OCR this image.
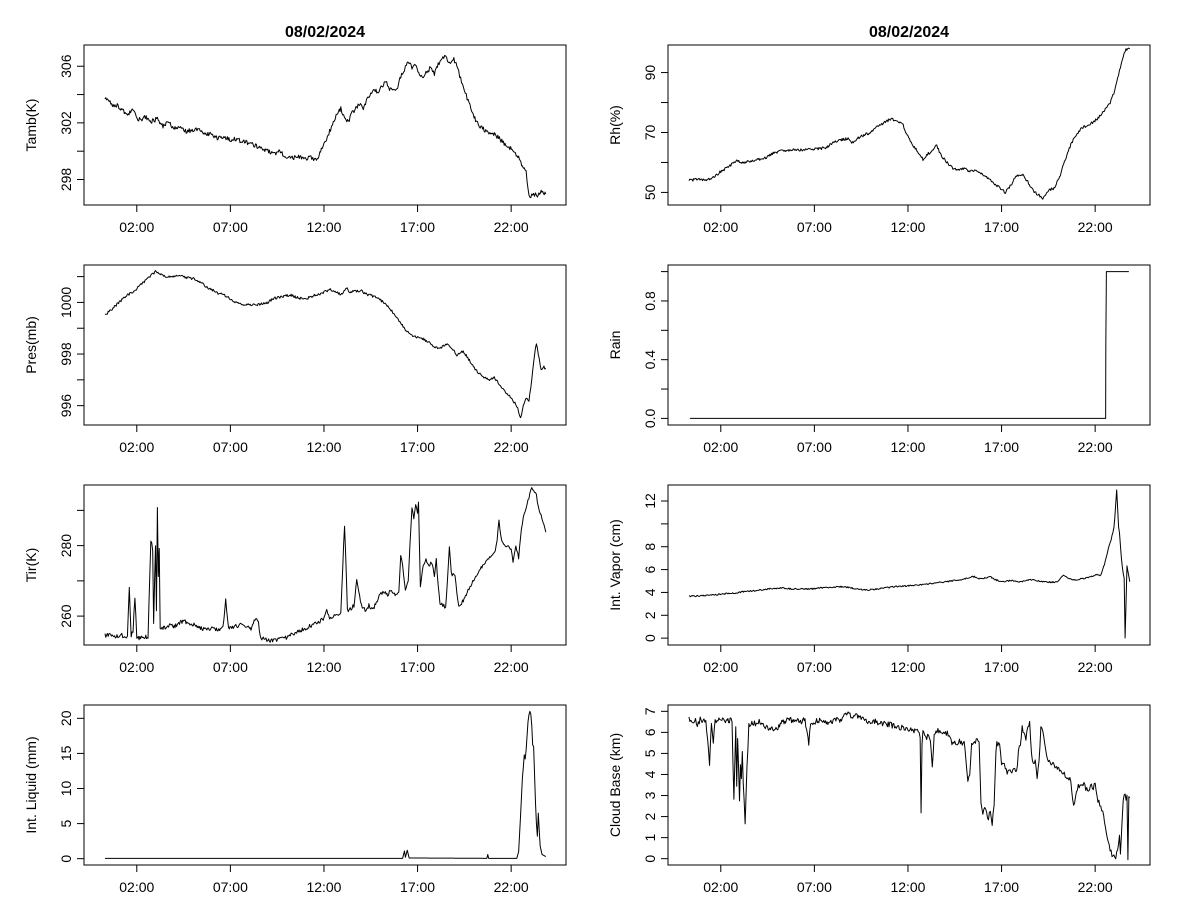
08/02/2024	08/02/2024
02:00	07:00	12:00	17:00	22:00
298
302
306
Tamb(K)
02:00	07:00	12:00	17:00	22:00
50
70
90
Rh(%)
02:00	07:00	12:00	17:00	22:00
996
998
1000
Pres(mb)
02:00	07:00	12:00	17:00	22:00
0.0
0.4
0.8
Rain
02:00	07:00	12:00	17:00	22:00
260
280
Tir(K)
02:00	07:00	12:00	17:00	22:00
0
2
4
6
8
12
Int. Vapor (cm)
02:00	07:00	12:00	17:00	22:00
0
5
10
15
20
Int. Liquid (mm)
02:00	07:00	12:00	17:00	22:00
0
1
2
3
4
5
6
7
Cloud Base (km)
